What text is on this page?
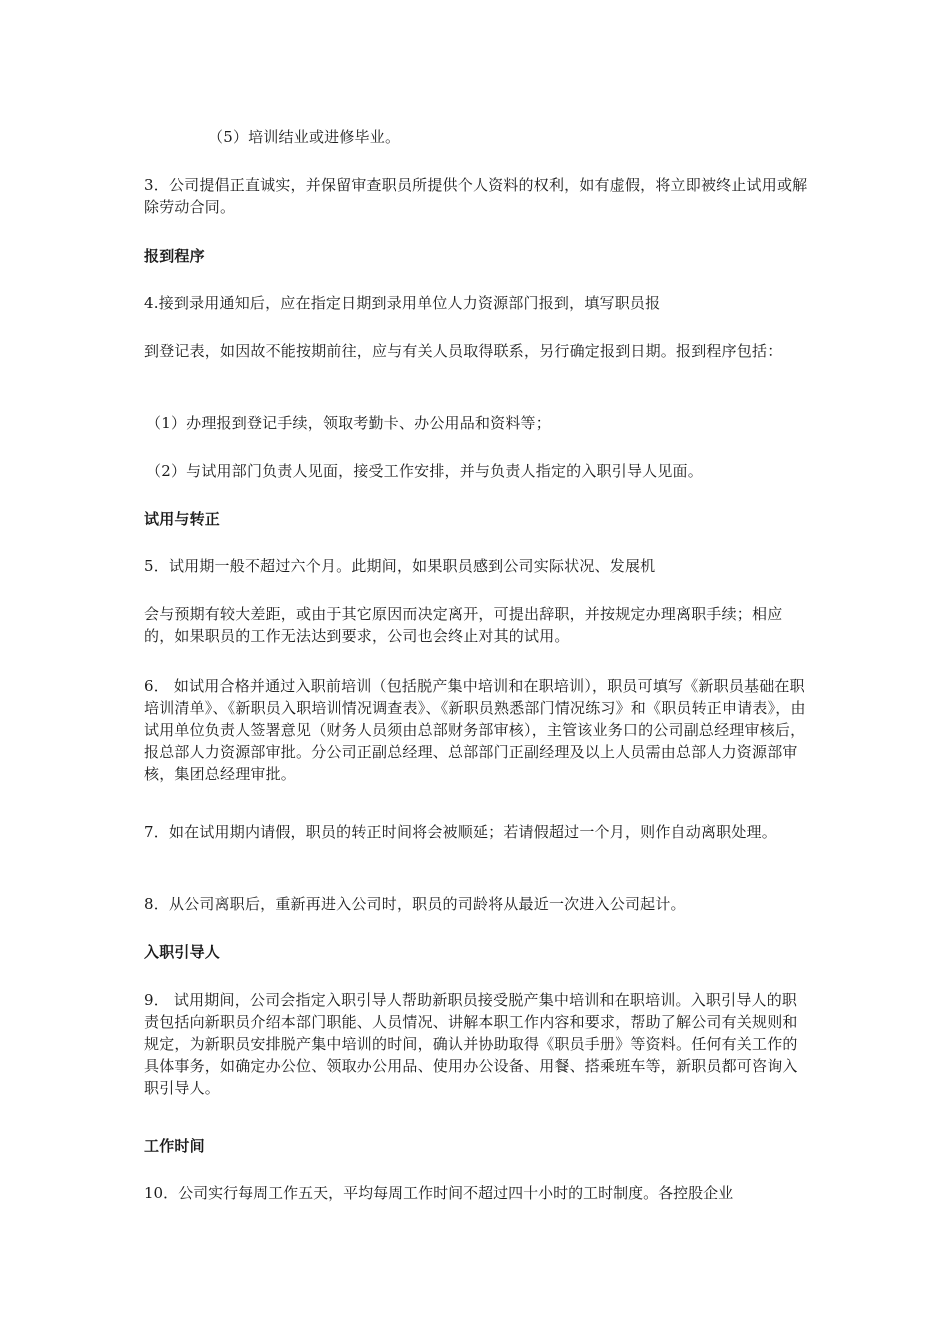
（5）培训结业或进修毕业。

3．公司提倡正直诚实，并保留审查职员所提供个人资料的权利，如有虚假，将立即被终止试用或解除劳动合同。

报到程序

4.接到录用通知后，应在指定日期到录用单位人力资源部门报到，填写职员报

到登记表，如因故不能按期前往，应与有关人员取得联系，另行确定报到日期。报到程序包括：

（1）办理报到登记手续，领取考勤卡、办公用品和资料等；

（2）与试用部门负责人见面，接受工作安排，并与负责人指定的入职引导人见面。

试用与转正

5．试用期一般不超过六个月。此期间，如果职员感到公司实际状况、发展机

会与预期有较大差距，或由于其它原因而决定离开，可提出辞职，并按规定办理离职手续；相应的，如果职员的工作无法达到要求，公司也会终止对其的试用。

6． 如试用合格并通过入职前培训（包括脱产集中培训和在职培训），职员可填写《新职员基础在职培训清单》、《新职员入职培训情况调查表》、《新职员熟悉部门情况练习》和《职员转正申请表》，由试用单位负责人签署意见（财务人员须由总部财务部审核），主管该业务口的公司副总经理审核后，报总部人力资源部审批。分公司正副总经理、总部部门正副经理及以上人员需由总部人力资源部审核，集团总经理审批。

7．如在试用期内请假，职员的转正时间将会被顺延；若请假超过一个月，则作自动离职处理。

8．从公司离职后，重新再进入公司时，职员的司龄将从最近一次进入公司起计。

入职引导人

9． 试用期间，公司会指定入职引导人帮助新职员接受脱产集中培训和在职培训。入职引导人的职责包括向新职员介绍本部门职能、人员情况、讲解本职工作内容和要求，帮助了解公司有关规则和规定，为新职员安排脱产集中培训的时间，确认并协助取得《职员手册》等资料。任何有关工作的具体事务，如确定办公位、领取办公用品、使用办公设备、用餐、搭乘班车等，新职员都可咨询入职引导人。

工作时间

10．公司实行每周工作五天，平均每周工作时间不超过四十小时的工时制度。各控股企业
